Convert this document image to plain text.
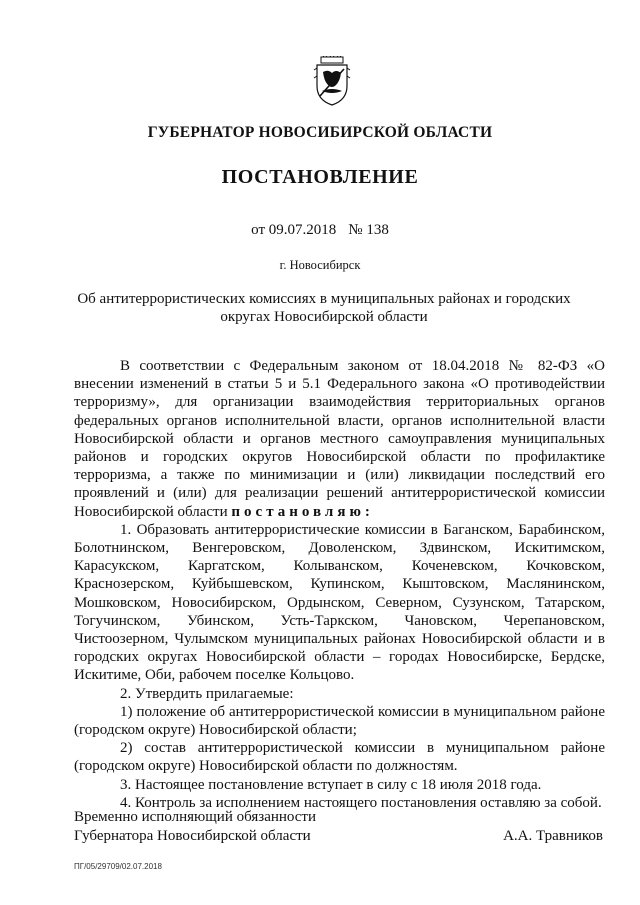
ГУБЕРНАТОР НОВОСИБИРСКОЙ ОБЛАСТИ
ПОСТАНОВЛЕНИЕ
от 09.07.2018 № 138
г. Новосибирск
Об антитеррористических комиссиях в муниципальных районах и городских округах Новосибирской области

В соответствии с Федеральным законом от 18.04.2018 № 82-ФЗ «О внесении изменений в статьи 5 и 5.1 Федерального закона «О противодействии терроризму», для организации взаимодействия территориальных органов федеральных органов исполнительной власти, органов исполнительной власти Новосибирской области и органов местного самоуправления муниципальных районов и городских округов Новосибирской области по профилактике терроризма, а также по минимизации и (или) ликвидации последствий его проявлений и (или) для реализации решений антитеррористической комиссии Новосибирской области постановляю:

1. Образовать антитеррористические комиссии в Баганском, Барабинском, Болотнинском, Венгеровском, Доволенском, Здвинском, Искитимском, Карасукском, Каргатском, Колыванском, Коченевском, Кочковском, Краснозерском, Куйбышевском, Купинском, Кыштовском, Маслянинском, Мошковском, Новосибирском, Ордынском, Северном, Сузунском, Татарском, Тогучинском, Убинском, Усть-Таркском, Чановском, Черепановском, Чистоозерном, Чулымском муниципальных районах Новосибирской области и в городских округах Новосибирской области – городах Новосибирске, Бердске, Искитиме, Оби, рабочем поселке Кольцово.

2. Утвердить прилагаемые:

1) положение об антитеррористической комиссии в муниципальном районе (городском округе) Новосибирской области;

2) состав антитеррористической комиссии в муниципальном районе (городском округе) Новосибирской области по должностям.

3. Настоящее постановление вступает в силу с 18 июля 2018 года.

4. Контроль за исполнением настоящего постановления оставляю за собой.

Временно исполняющий обязанности
Губернатора Новосибирской области	А.А. Травников
ПГ/05/29709/02.07.2018
